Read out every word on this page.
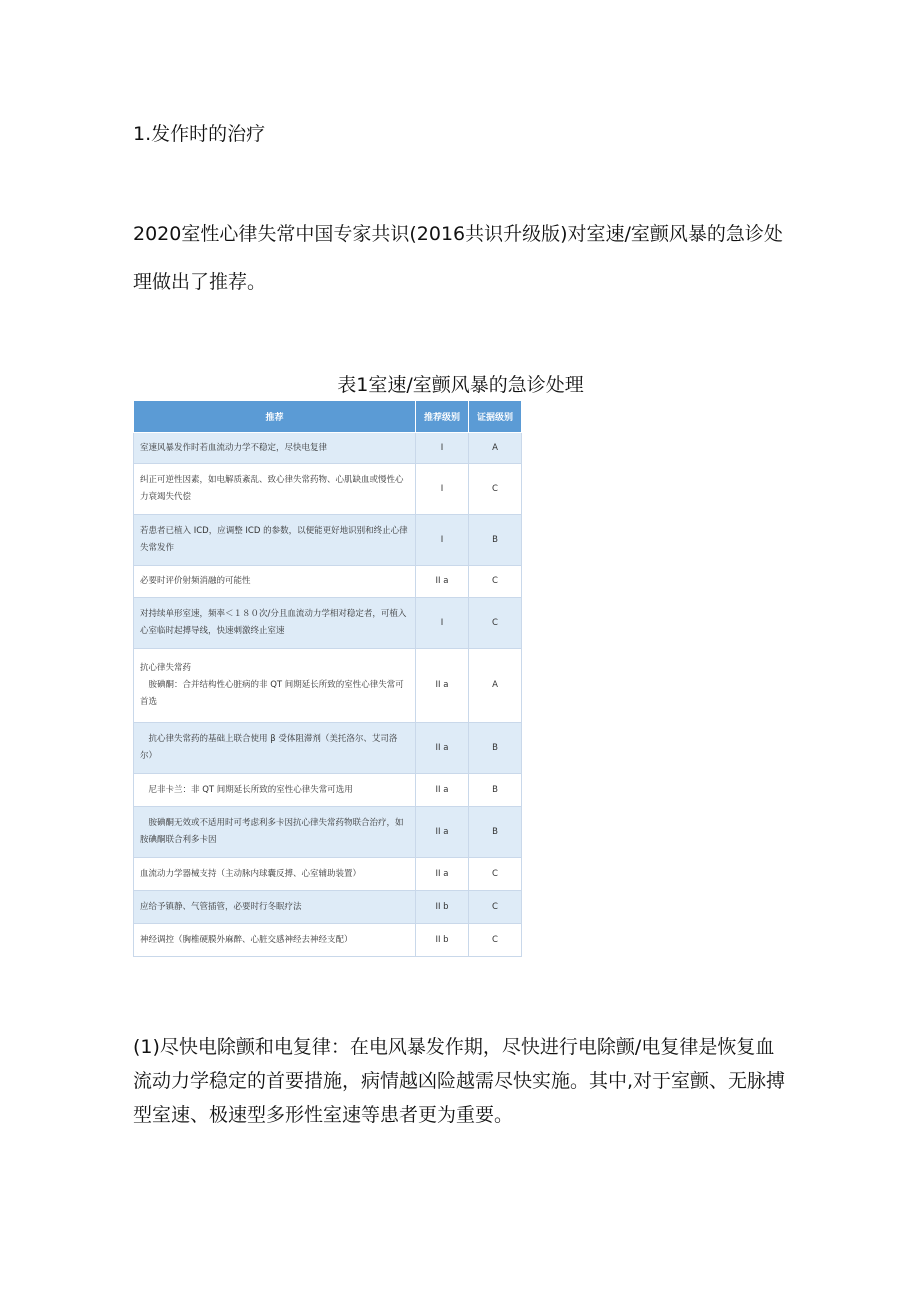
1.发作时的治疗
2020室性心律失常中国专家共识(2016共识升级版)对室速/室颤风暴的急诊处理做出了推荐。
表1室速/室颤风暴的急诊处理
推荐	推荐级别	证据级别
室速风暴发作时若血流动力学不稳定，尽快电复律	I	A
纠正可逆性因素，如电解质紊乱、致心律失常药物、心肌缺血或慢性心力衰竭失代偿	I	C
若患者已植入 ICD，应调整 ICD 的参数，以便能更好地识别和终止心律失常发作	I	B
必要时评价射频消融的可能性	II a	C
对持续单形室速，频率＜１８０次/分且血流动力学相对稳定者，可植入心室临时起搏导线，快速刺激终止室速	I	C

抗心律失常药
胺碘酮：合并结构性心脏病的非 QT 间期延长所致的室性心律失常可首选	II a	A
抗心律失常药的基础上联合使用 β 受体阻滞剂（美托洛尔、艾司洛尔）	II a	B
尼非卡兰：非 QT 间期延长所致的室性心律失常可选用	II a	B
胺碘酮无效或不适用时可考虑利多卡因抗心律失常药物联合治疗，如胺碘酮联合利多卡因	II a	B
血流动力学器械支持（主动脉内球囊反搏、心室辅助装置）	II a	C
应给予镇静、气管插管，必要时行冬眠疗法	II b	C
神经调控（胸椎硬膜外麻醉、心脏交感神经去神经支配）	II b	C
(1)尽快电除颤和电复律：在电风暴发作期，尽快进行电除颤/电复律是恢复血流动力学稳定的首要措施，病情越凶险越需尽快实施。其中,对于室颤、无脉搏型室速、极速型多形性室速等患者更为重要。
